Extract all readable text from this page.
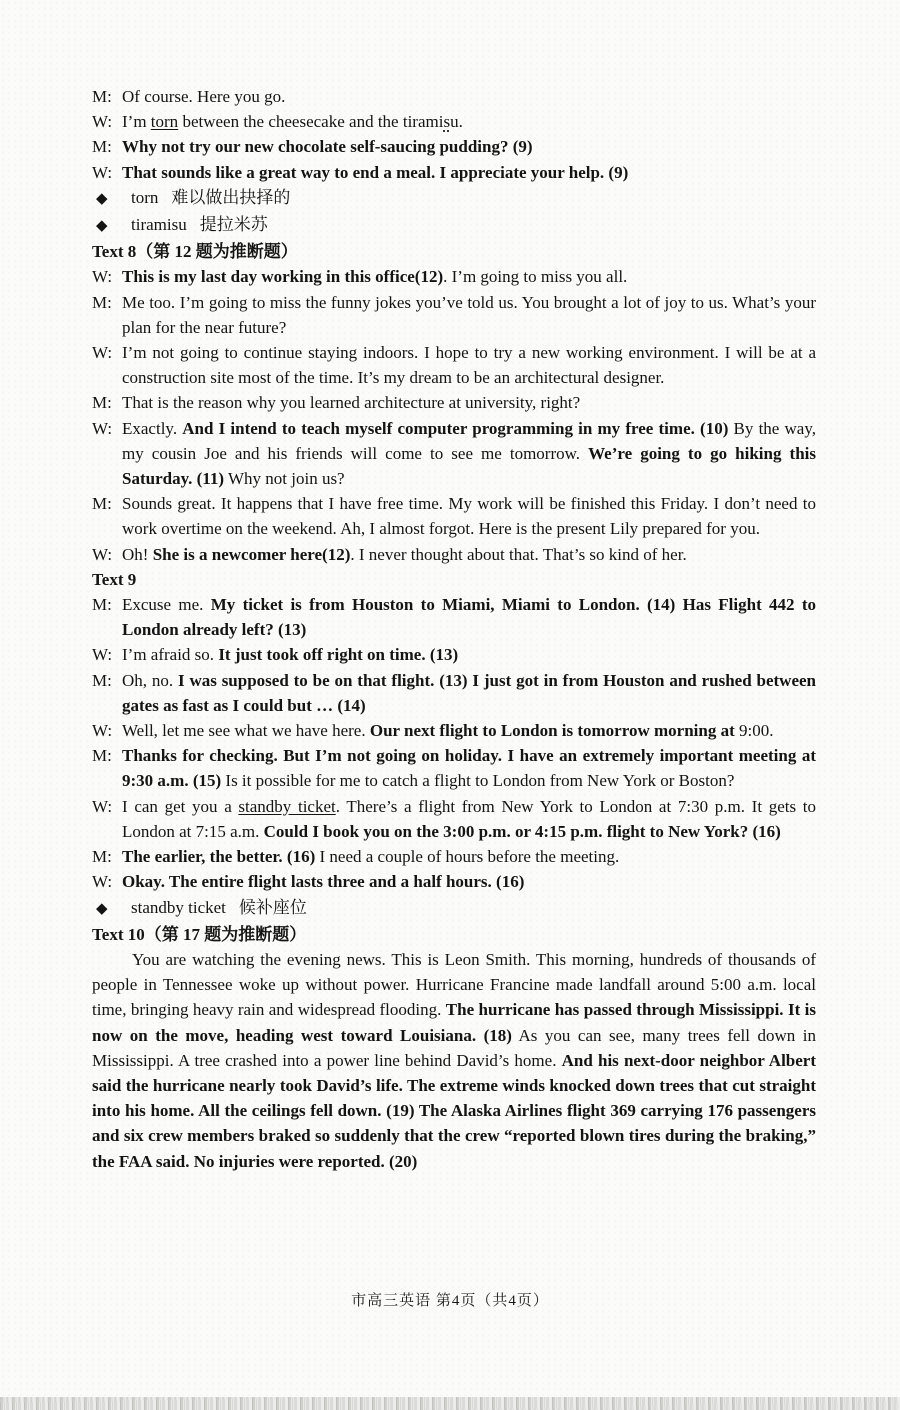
M: Of course. Here you go.
W: I’m torn between the cheesecake and the tiramisu.
M: Why not try our new chocolate self-saucing pudding? (9)
W: That sounds like a great way to end a meal. I appreciate your help. (9)
◆ torn 难以做出抉择的
◆ tiramisu 提拉米苏
Text 8（第 12 题为推断题）
W: This is my last day working in this office(12). I’m going to miss you all.
M: Me too. I’m going to miss the funny jokes you’ve told us. You brought a lot of joy to us. What’s your plan for the near future?
W: I’m not going to continue staying indoors. I hope to try a new working environment. I will be at a construction site most of the time. It’s my dream to be an architectural designer.
M: That is the reason why you learned architecture at university, right?
W: Exactly. And I intend to teach myself computer programming in my free time. (10) By the way, my cousin Joe and his friends will come to see me tomorrow. We’re going to go hiking this Saturday. (11) Why not join us?
M: Sounds great. It happens that I have free time. My work will be finished this Friday. I don’t need to work overtime on the weekend. Ah, I almost forgot. Here is the present Lily prepared for you.
W: Oh! She is a newcomer here(12). I never thought about that. That’s so kind of her.
Text 9
M: Excuse me. My ticket is from Houston to Miami, Miami to London. (14) Has Flight 442 to London already left? (13)
W: I’m afraid so. It just took off right on time. (13)
M: Oh, no. I was supposed to be on that flight. (13) I just got in from Houston and rushed between gates as fast as I could but … (14)
W: Well, let me see what we have here. Our next flight to London is tomorrow morning at 9:00.
M: Thanks for checking. But I’m not going on holiday. I have an extremely important meeting at 9:30 a.m. (15) Is it possible for me to catch a flight to London from New York or Boston?
W: I can get you a standby ticket. There’s a flight from New York to London at 7:30 p.m. It gets to London at 7:15 a.m. Could I book you on the 3:00 p.m. or 4:15 p.m. flight to New York? (16)
M: The earlier, the better. (16) I need a couple of hours before the meeting.
W: Okay. The entire flight lasts three and a half hours. (16)
◆ standby ticket 候补座位
Text 10（第 17 题为推断题）
You are watching the evening news. This is Leon Smith. This morning, hundreds of thousands of people in Tennessee woke up without power. Hurricane Francine made landfall around 5:00 a.m. local time, bringing heavy rain and widespread flooding. The hurricane has passed through Mississippi. It is now on the move, heading west toward Louisiana. (18) As you can see, many trees fell down in Mississippi. A tree crashed into a power line behind David’s home. And his next-door neighbor Albert said the hurricane nearly took David’s life. The extreme winds knocked down trees that cut straight into his home. All the ceilings fell down. (19) The Alaska Airlines flight 369 carrying 176 passengers and six crew members braked so suddenly that the crew “reported blown tires during the braking,” the FAA said. No injuries were reported. (20)
市高三英语 第4页（共4页）
